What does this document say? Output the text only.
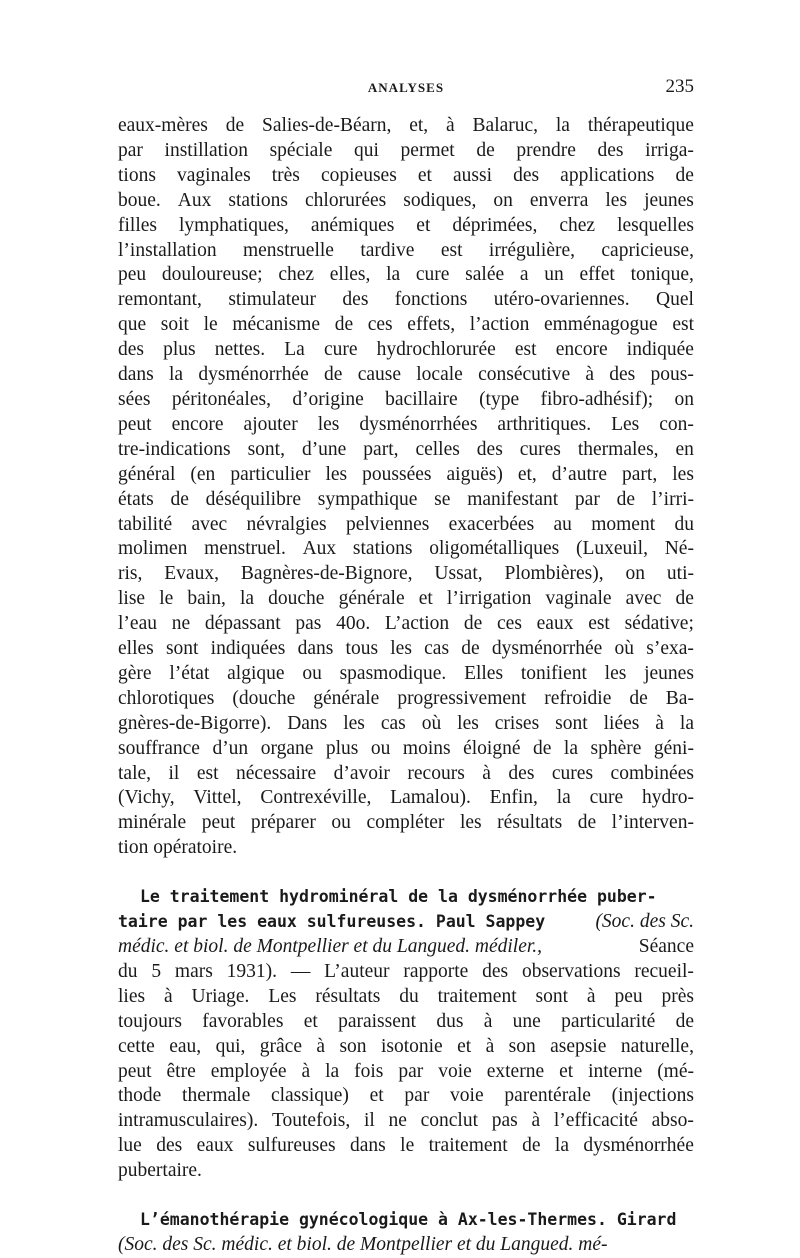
ANALYSES	235
eaux-mères de Salies-de-Béarn, et, à Balaruc, la thérapeutique
par instillation spéciale qui permet de prendre des irriga-
tions vaginales très copieuses et aussi des applications de
boue. Aux stations chlorurées sodiques, on enverra les jeunes
filles lymphatiques, anémiques et déprimées, chez lesquelles
l’installation menstruelle tardive est irrégulière, capricieuse,
peu douloureuse; chez elles, la cure salée a un effet tonique,
remontant, stimulateur des fonctions utéro-ovariennes. Quel
que soit le mécanisme de ces effets, l’action emménagogue est
des plus nettes. La cure hydrochlorurée est encore indiquée
dans la dysménorrhée de cause locale consécutive à des pous-
sées péritonéales, d’origine bacillaire (type fibro-adhésif); on
peut encore ajouter les dysménorrhées arthritiques. Les con-
tre-indications sont, d’une part, celles des cures thermales, en
général (en particulier les poussées aiguës) et, d’autre part, les
états de déséquilibre sympathique se manifestant par de l’irri-
tabilité avec névralgies pelviennes exacerbées au moment du
molimen menstruel. Aux stations oligométalliques (Luxeuil, Né-
ris, Evaux, Bagnères-de-Bignore, Ussat, Plombières), on uti-
lise le bain, la douche générale et l’irrigation vaginale avec de
l’eau ne dépassant pas 40o. L’action de ces eaux est sédative;
elles sont indiquées dans tous les cas de dysménorrhée où s’exa-
gère l’état algique ou spasmodique. Elles tonifient les jeunes
chlorotiques (douche générale progressivement refroidie de Ba-
gnères-de-Bigorre). Dans les cas où les crises sont liées à la
souffrance d’un organe plus ou moins éloigné de la sphère géni-
tale, il est nécessaire d’avoir recours à des cures combinées
(Vichy, Vittel, Contrexéville, Lamalou). Enfin, la cure hydro-
minérale peut préparer ou compléter les résultats de l’interven-
tion opératoire.
Le traitement hydrominéral de la dysménorrhée puber-
taire par les eaux sulfureuses. Paul Sappey	(Soc. des Sc.
médic. et biol. de Montpellier et du Langued. médiler.,	Séance
du 5 mars 1931). — L’auteur rapporte des observations recueil-
lies à Uriage. Les résultats du traitement sont à peu près
toujours favorables et paraissent dus à une particularité de
cette eau, qui, grâce à son isotonie et à son asepsie naturelle,
peut être employée à la fois par voie externe et interne (mé-
thode thermale classique) et par voie parentérale (injections
intramusculaires). Toutefois, il ne conclut pas à l’efficacité abso-
lue des eaux sulfureuses dans le traitement de la dysménorrhée
pubertaire.
L’émanothérapie gynécologique à Ax-les-Thermes. Girard
(Soc. des Sc. médic. et biol. de Montpellier et du Langued. mé-
